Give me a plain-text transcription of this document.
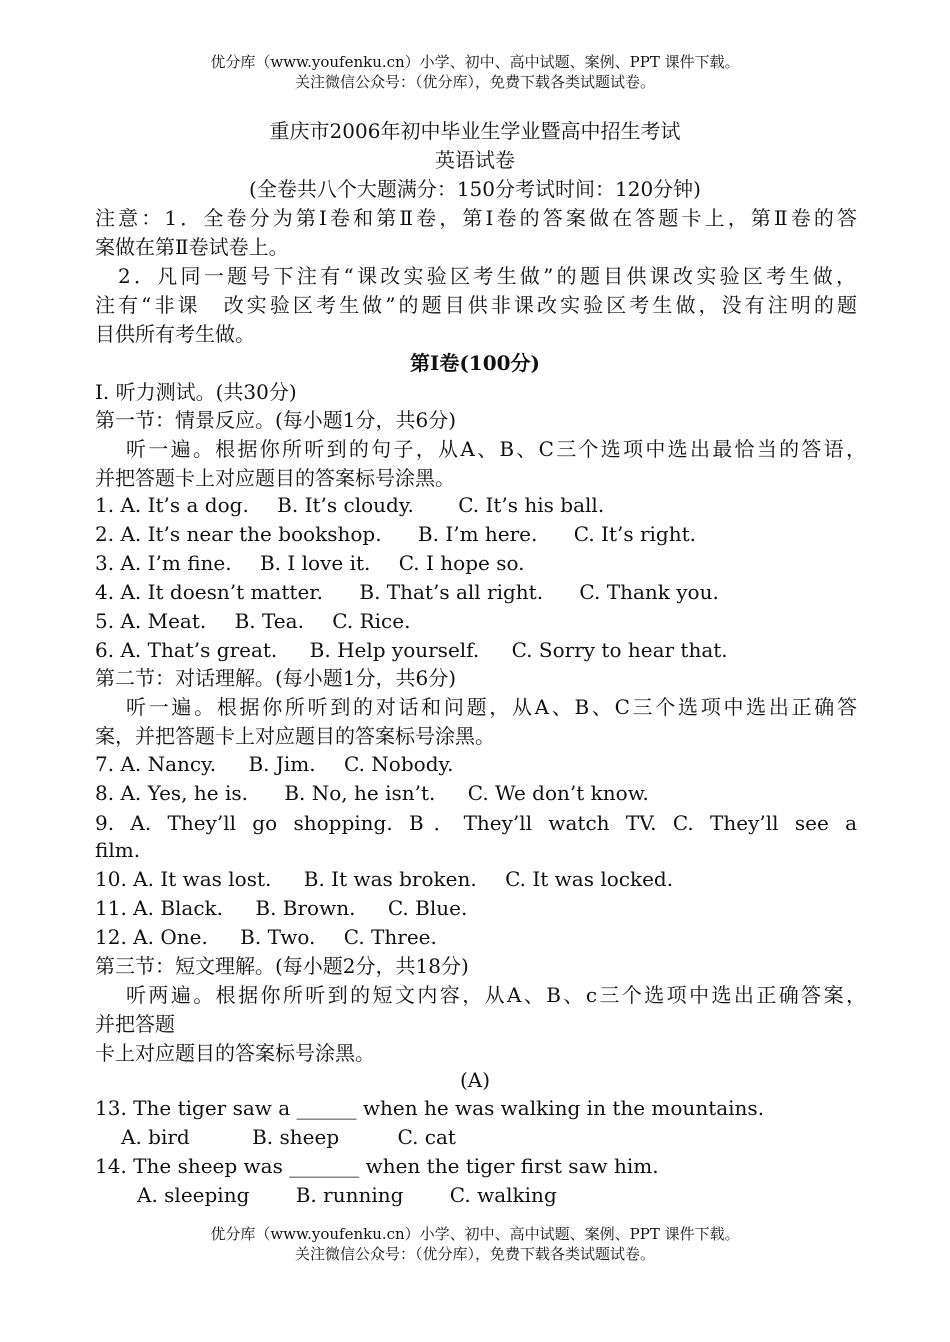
优分库（www.youfenku.cn）小学、初中、高中试题、案例、PPT 课件下载。
关注微信公众号：（优分库），免费下载各类试题试卷。
重庆市2006年初中毕业生学业暨高中招生考试
英语试卷
(全卷共八个大题满分：150分考试时间：120分钟)
注意：1．全卷分为第Ⅰ卷和第Ⅱ卷，第Ⅰ卷的答案做在答题卡上，第Ⅱ卷的答
案做在第Ⅱ卷试卷上。
2．凡同一题号下注有“课改实验区考生做”的题目供课改实验区考生做，
注有“非课　改实验区考生做”的题目供非课改实验区考生做，没有注明的题
目供所有考生做。
第Ⅰ卷(100分)
Ⅰ. 听力测试。(共30分)
第一节：情景反应。(每小题1分，共6分)
听一遍。根据你所听到的句子，从A、B、C三个选项中选出最恰当的答语，
并把答题卡上对应题目的答案标号涂黑。
1. A. It’s a dog. B. It’s cloudy. C. It’s his ball.
2. A. It’s near the bookshop. B. I’m here. C. It’s right.
3. A. I’m fine. B. I love it. C. I hope so.
4. A. It doesn’t matter. B. That’s all right. C. Thank you.
5. A. Meat. B. Tea. C. Rice.
6. A. That’s great. B. Help yourself. C. Sorry to hear that.
第二节：对话理解。(每小题1分，共6分)
听一遍。根据你所听到的对话和问题，从A、B、C三个选项中选出正确答
案，并把答题卡上对应题目的答案标号涂黑。
7. A. Nancy. B. Jim. C. Nobody.
8. A. Yes, he is. B. No, he isn’t. C. We don’t know.
9. A. They’ll go shopping. B．They’ll watch TV. C. They’ll see a
film.
10. A. It was lost. B. It was broken. C. It was locked.
11. A. Black. B. Brown. C. Blue.
12. A. One. B. Two. C. Three.
第三节：短文理解。(每小题2分，共18分)
听两遍。根据你所听到的短文内容，从A、B、c三个选项中选出正确答案，
并把答题
卡上对应题目的答案标号涂黑。
(A)
13. The tiger saw a ______ when he was walking in the mountains.
A. bird	B. sheep	C. cat
14. The sheep was _______ when the tiger first saw him.
A. sleeping B. running C. walking
优分库（www.youfenku.cn）小学、初中、高中试题、案例、PPT 课件下载。
关注微信公众号：（优分库），免费下载各类试题试卷。
